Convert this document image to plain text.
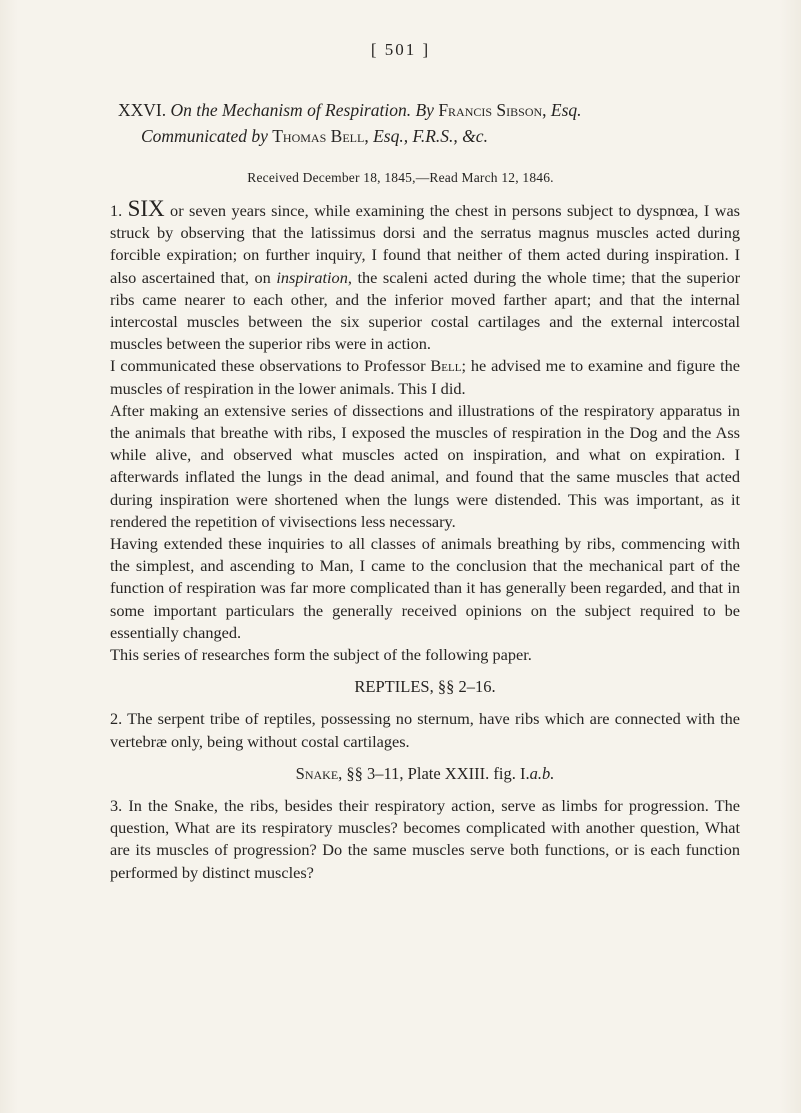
[ 501 ]
XXVI. On the Mechanism of Respiration. By Francis Sibson, Esq.
Communicated by Thomas Bell, Esq., F.R.S., &c.
Received December 18, 1845,—Read March 12, 1846.

1. SIX or seven years since, while examining the chest in persons subject to dyspnœa, I was struck by observing that the latissimus dorsi and the serratus magnus muscles acted during forcible expiration; on further inquiry, I found that neither of them acted during inspiration. I also ascertained that, on inspiration, the scaleni acted during the whole time; that the superior ribs came nearer to each other, and the inferior moved farther apart; and that the internal intercostal muscles between the six superior costal cartilages and the external intercostal muscles between the superior ribs were in action.

I communicated these observations to Professor Bell; he advised me to examine and figure the muscles of respiration in the lower animals. This I did.

After making an extensive series of dissections and illustrations of the respiratory apparatus in the animals that breathe with ribs, I exposed the muscles of respiration in the Dog and the Ass while alive, and observed what muscles acted on inspiration, and what on expiration. I afterwards inflated the lungs in the dead animal, and found that the same muscles that acted during inspiration were shortened when the lungs were distended. This was important, as it rendered the repetition of vivisections less necessary.

Having extended these inquiries to all classes of animals breathing by ribs, commencing with the simplest, and ascending to Man, I came to the conclusion that the mechanical part of the function of respiration was far more complicated than it has generally been regarded, and that in some important particulars the generally received opinions on the subject required to be essentially changed.

This series of researches form the subject of the following paper.

REPTILES, §§ 2–16.

2. The serpent tribe of reptiles, possessing no sternum, have ribs which are connected with the vertebræ only, being without costal cartilages.

Snake, §§ 3–11, Plate XXIII. fig. I.a.b.

3. In the Snake, the ribs, besides their respiratory action, serve as limbs for progression. The question, What are its respiratory muscles? becomes complicated with another question, What are its muscles of progression? Do the same muscles serve both functions, or is each function performed by distinct muscles?
